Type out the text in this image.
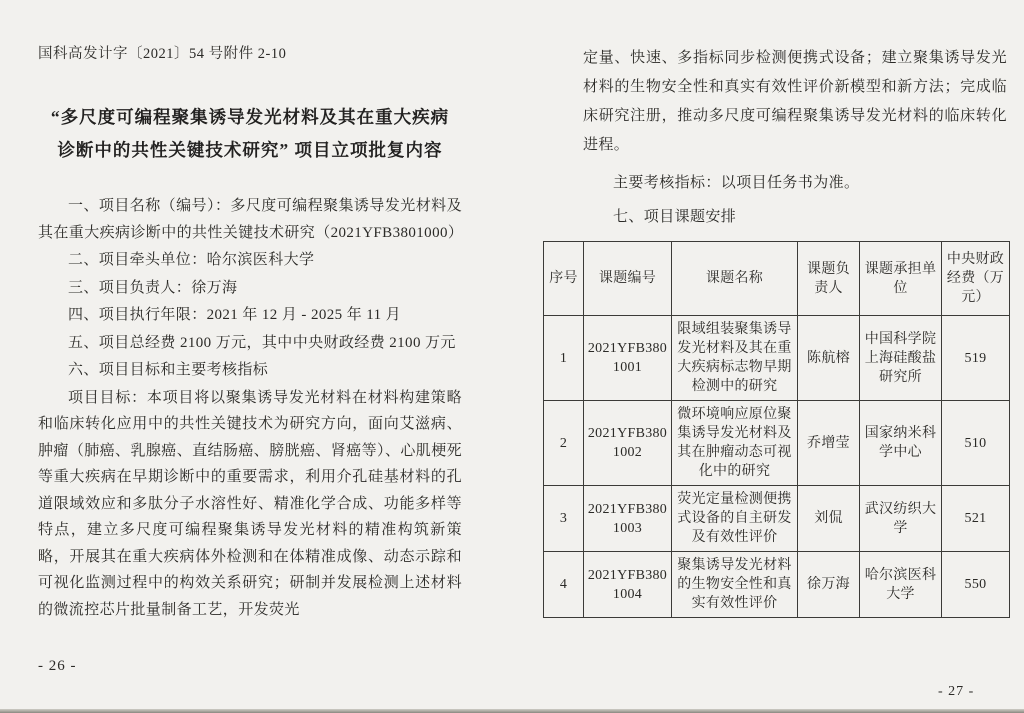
国科高发计字〔2021〕54 号附件 2-10
“多尺度可编程聚集诱导发光材料及其在重大疾病诊断中的共性关键技术研究” 项目立项批复内容

一、项目名称（编号）：多尺度可编程聚集诱导发光材料及其在重大疾病诊断中的共性关键技术研究（2021YFB3801000）

二、项目牵头单位：哈尔滨医科大学

三、项目负责人：徐万海

四、项目执行年限：2021 年 12 月 - 2025 年 11 月

五、项目总经费 2100 万元，其中中央财政经费 2100 万元

六、项目目标和主要考核指标

项目目标：本项目将以聚集诱导发光材料在材料构建策略和临床转化应用中的共性关键技术为研究方向，面向艾滋病、肿瘤（肺癌、乳腺癌、直结肠癌、膀胱癌、肾癌等）、心肌梗死等重大疾病在早期诊断中的重要需求，利用介孔硅基材料的孔道限域效应和多肽分子水溶性好、精准化学合成、功能多样等特点，建立多尺度可编程聚集诱导发光材料的精准构筑新策略，开展其在重大疾病体外检测和在体精准成像、动态示踪和可视化监测过程中的构效关系研究；研制并发展检测上述材料的微流控芯片批量制备工艺，开发荧光

- 26 -

定量、快速、多指标同步检测便携式设备；建立聚集诱导发光材料的生物安全性和真实有效性评价新模型和新方法；完成临床研究注册，推动多尺度可编程聚集诱导发光材料的临床转化进程。

主要考核指标：以项目任务书为准。

七、项目课题安排

序号	课题编号	课题名称	课题负责人	课题承担单位	中央财政经费（万元）
1	2021YFB3801001	限域组装聚集诱导发光材料及其在重大疾病标志物早期检测中的研究	陈航榕	中国科学院上海硅酸盐研究所	519
2	2021YFB3801002	微环境响应原位聚集诱导发光材料及其在肿瘤动态可视化中的研究	乔增莹	国家纳米科学中心	510
3	2021YFB3801003	荧光定量检测便携式设备的自主研发及有效性评价	刘侃	武汉纺织大学	521
4	2021YFB3801004	聚集诱导发光材料的生物安全性和真实有效性评价	徐万海	哈尔滨医科大学	550
- 27 -
